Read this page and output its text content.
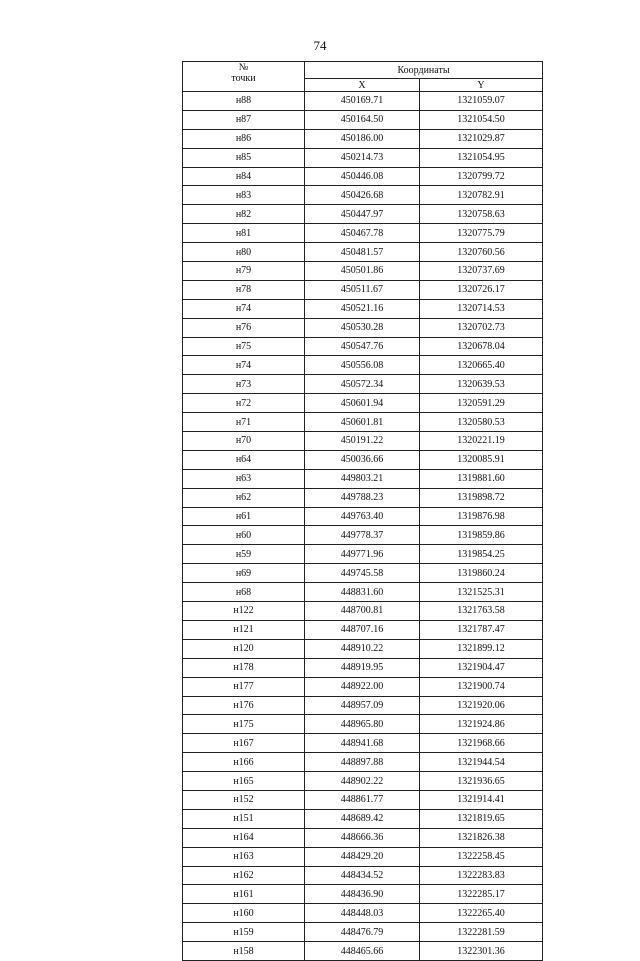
74
№
точки	Координаты	
	X	Y
н88	450169.71	1321059.07
н87	450164.50	1321054.50
н86	450186.00	1321029.87
н85	450214.73	1321054.95
н84	450446.08	1320799.72
н83	450426.68	1320782.91
н82	450447.97	1320758.63
н81	450467.78	1320775.79
н80	450481.57	1320760.56
н79	450501.86	1320737.69
н78	450511.67	1320726.17
н74	450521.16	1320714.53
н76	450530.28	1320702.73
н75	450547.76	1320678.04
н74	450556.08	1320665.40
н73	450572.34	1320639.53
н72	450601.94	1320591.29
н71	450601.81	1320580.53
н70	450191.22	1320221.19
н64	450036.66	1320085.91
н63	449803.21	1319881.60
н62	449788.23	1319898.72
н61	449763.40	1319876.98
н60	449778.37	1319859.86
н59	449771.96	1319854.25
н69	449745.58	1319860.24
н68	448831.60	1321525.31
н122	448700.81	1321763.58
н121	448707.16	1321787.47
н120	448910.22	1321899.12
н178	448919.95	1321904.47
н177	448922.00	1321900.74
н176	448957.09	1321920.06
н175	448965.80	1321924.86
н167	448941.68	1321968.66
н166	448897.88	1321944.54
н165	448902.22	1321936.65
н152	448861.77	1321914.41
н151	448689.42	1321819.65
н164	448666.36	1321826.38
н163	448429.20	1322258.45
н162	448434.52	1322283.83
н161	448436.90	1322285.17
н160	448448.03	1322265.40
н159	448476.79	1322281.59
н158	448465.66	1322301.36
